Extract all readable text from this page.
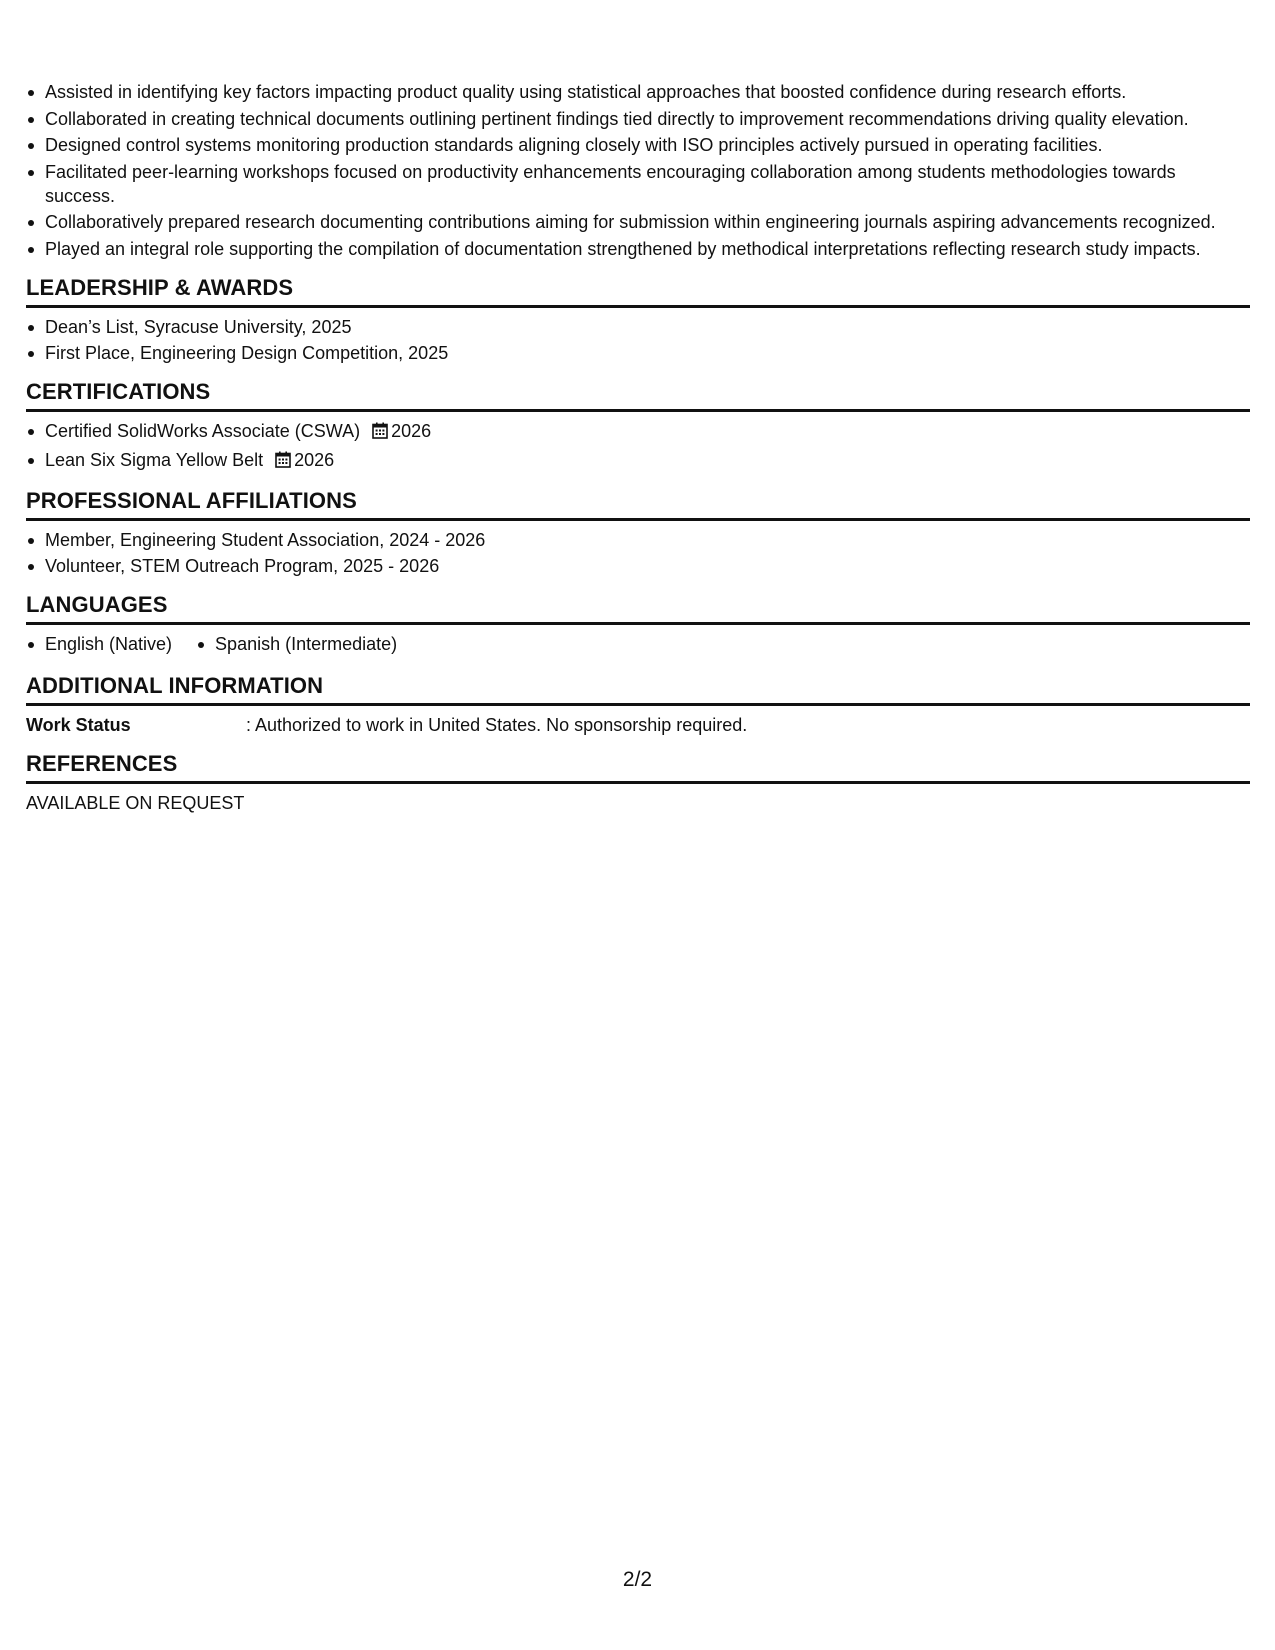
Assisted in identifying key factors impacting product quality using statistical approaches that boosted confidence during research efforts.
Collaborated in creating technical documents outlining pertinent findings tied directly to improvement recommendations driving quality elevation.
Designed control systems monitoring production standards aligning closely with ISO principles actively pursued in operating facilities.
Facilitated peer-learning workshops focused on productivity enhancements encouraging collaboration among students methodologies towards success.
Collaboratively prepared research documenting contributions aiming for submission within engineering journals aspiring advancements recognized.
Played an integral role supporting the compilation of documentation strengthened by methodical interpretations reflecting research study impacts.
LEADERSHIP & AWARDS
Dean’s List, Syracuse University, 2025
First Place, Engineering Design Competition, 2025
CERTIFICATIONS
Certified SolidWorks Associate (CSWA) 2026
Lean Six Sigma Yellow Belt 2026
PROFESSIONAL AFFILIATIONS
Member, Engineering Student Association, 2024 - 2026
Volunteer, STEM Outreach Program, 2025 - 2026
LANGUAGES
English (Native)	Spanish (Intermediate)
ADDITIONAL INFORMATION
Work Status	: Authorized to work in United States. No sponsorship required.
REFERENCES
AVAILABLE ON REQUEST
2/2
